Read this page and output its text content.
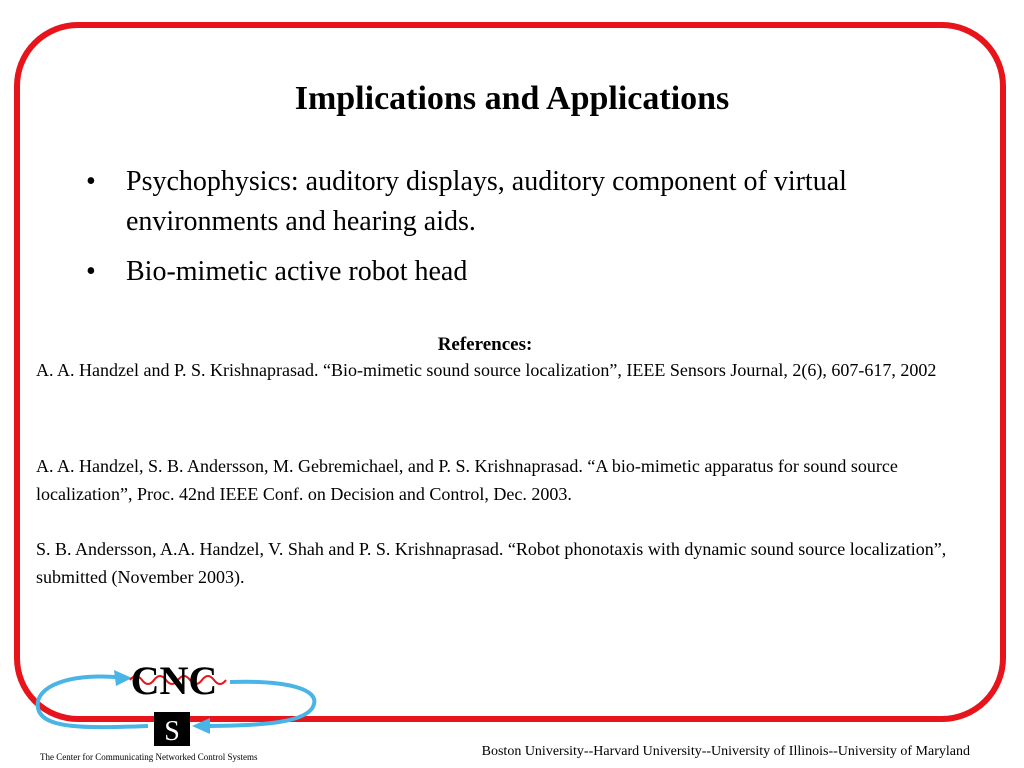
Implications and Applications
• Psychophysics: auditory displays, auditory component of virtual environments and hearing aids.
• Bio-mimetic active robot head
References:
A. A. Handzel and P. S. Krishnaprasad. “Bio-mimetic sound source localization”, IEEE Sensors Journal, 2(6), 607-617, 2002
A. A. Handzel, S. B. Andersson, M. Gebremichael, and P. S. Krishnaprasad. “A bio-mimetic apparatus for sound source localization”, Proc. 42nd IEEE Conf. on Decision and Control, Dec. 2003.
S. B. Andersson, A.A. Handzel, V. Shah and P. S. Krishnaprasad. “Robot phonotaxis with dynamic sound source localization”, submitted (November 2003).
CNC
S
The Center for Communicating Networked Control Systems	Boston University--Harvard University--University of Illinois--University of Maryland
